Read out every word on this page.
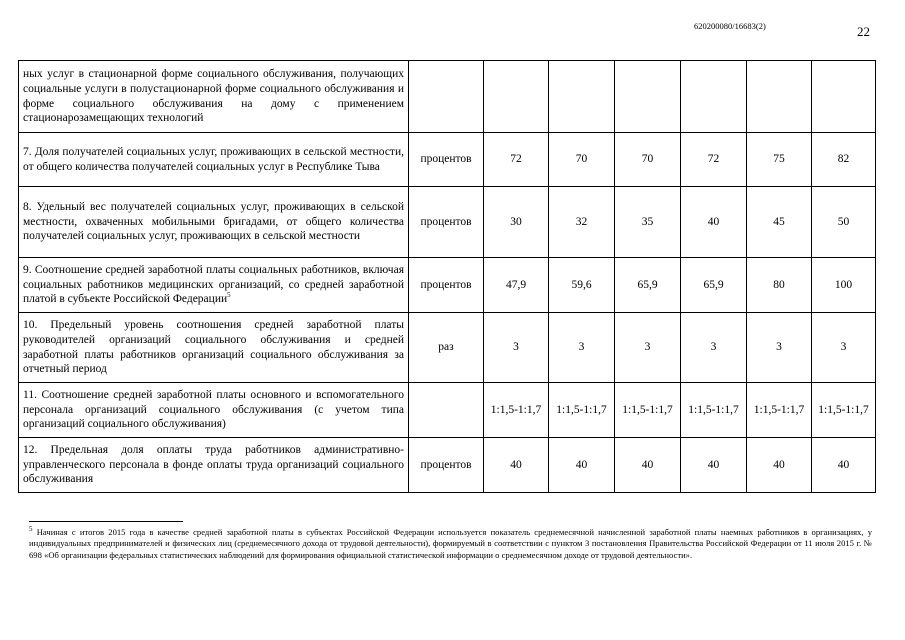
620200080/16683(2)	22
ных услуг в стационарной форме социального обслуживания, получающих социальные услуги в полустационарной форме социального обслуживания и форме социального обслуживания на дому с применением стационарозамещающих технологий							
7. Доля получателей социальных услуг, проживающих в сельской местности, от общего количества получателей социальных услуг в Республике Тыва	процентов	72	70	70	72	75	82
8. Удельный вес получателей социальных услуг, проживающих в сельской местности, охваченных мобильными бригадами, от общего количества получателей социальных услуг, проживающих в сельской местности	процентов	30	32	35	40	45	50
9. Соотношение средней заработной платы социальных работников, включая социальных работников медицинских организаций, со средней заработной платой в субъекте Российской Федерации$^5$	процентов	47,9	59,6	65,9	65,9	80	100
10. Предельный уровень соотношения средней заработной платы руководителей организаций социального обслуживания и средней заработной платы работников организаций социального обслуживания за отчетный период	раз	3	3	3	3	3	3
11. Соотношение средней заработной платы основного и вспомогательного персонала организаций социального обслуживания (с учетом типа организаций социального обслуживания)		1:1,5-1:1,7	1:1,5-1:1,7	1:1,5-1:1,7	1:1,5-1:1,7	1:1,5-1:1,7	1:1,5-1:1,7
12. Предельная доля оплаты труда работников административно-управленческого персонала в фонде оплаты труда организаций социального обслуживания	процентов	40	40	40	40	40	40
$^5$ Начиная с итогов 2015 года в качестве средней заработной платы в субъектах Российской Федерации используется показатель среднемесячной начисленной заработной платы наемных работников в организациях, у индивидуальных предпринимателей и физических лиц (среднемесячного дохода от трудовой деятельности), формируемый в соответствии с пунктом 3 постановления Правительства Российской Федерации от 11 июля 2015 г. № 698 «Об организации федеральных статистических наблюдений для формирования официальной статистической информации о среднемесячном доходе от трудовой деятельности».
